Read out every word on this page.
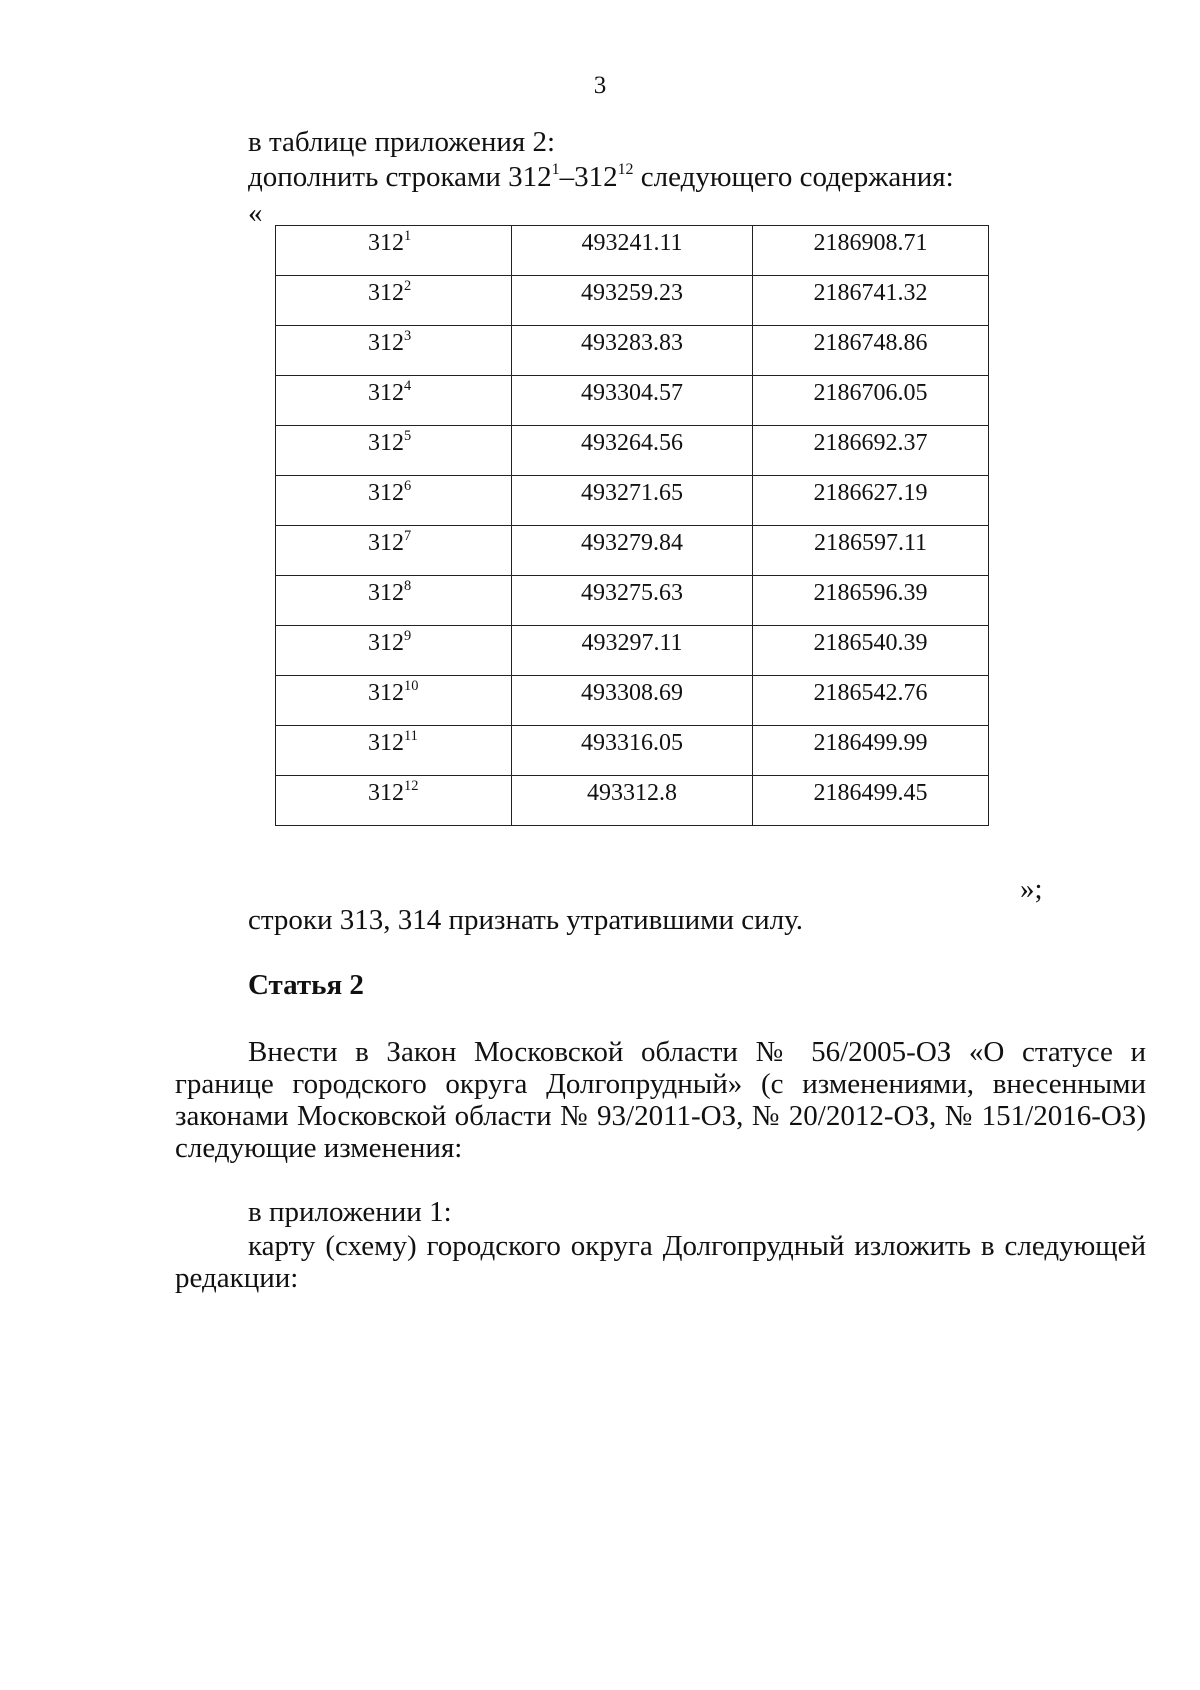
3
в таблице приложения 2:
дополнить строками $312^1-312^{12}$ следующего содержания:
«
$312^1$	493241.11	2186908.71
$312^2$	493259.23	2186741.32
$312^3$	493283.83	2186748.86
$312^4$	493304.57	2186706.05
$312^5$	493264.56	2186692.37
$312^6$	493271.65	2186627.19
$312^7$	493279.84	2186597.11
$312^8$	493275.63	2186596.39
$312^9$	493297.11	2186540.39
$312^{10}$	493308.69	2186542.76
$312^{11}$	493316.05	2186499.99
$312^{12}$	493312.8	2186499.45
»;
строки 313, 314 признать утратившими силу.
Статья 2
Внести в Закон Московской области № 56/2005-ОЗ «О статусе и границе городского округа Долгопрудный» (с изменениями, внесенными законами Московской области № 93/2011-ОЗ, № 20/2012-ОЗ, № 151/2016-ОЗ) следующие изменения:
в приложении 1:
карту (схему) городского округа Долгопрудный изложить в следующей редакции:
